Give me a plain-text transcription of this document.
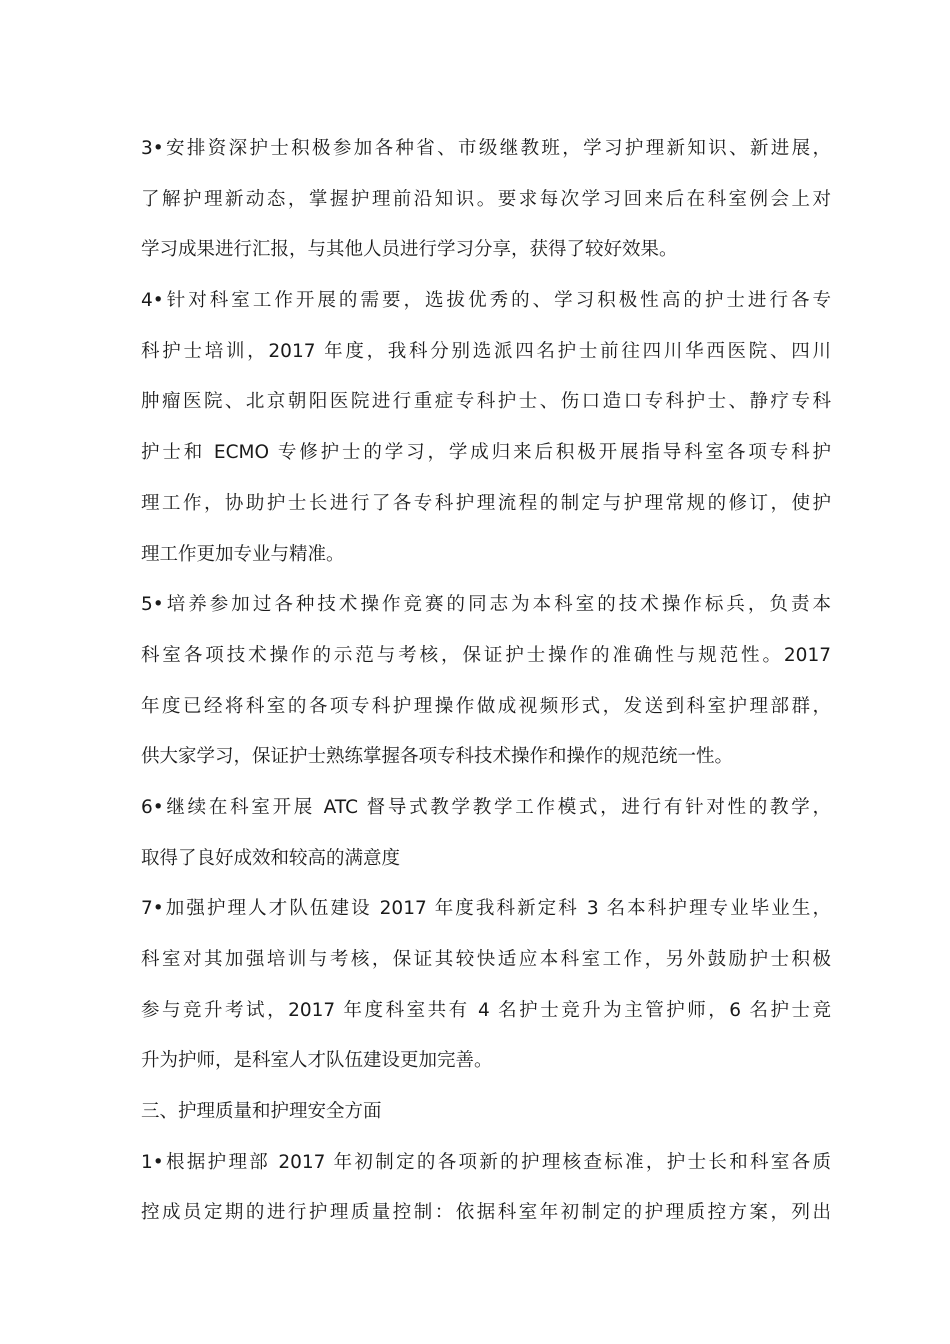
3•安排资深护士积极参加各种省、市级继教班，学习护理新知识、新进展，
了解护理新动态，掌握护理前沿知识。要求每次学习回来后在科室例会上对
学习成果进行汇报，与其他人员进行学习分享，获得了较好效果。
4•针对科室工作开展的需要，选拔优秀的、学习积极性高的护士进行各专
科护士培训，2017 年度，我科分别选派四名护士前往四川华西医院、四川
肿瘤医院、北京朝阳医院进行重症专科护士、伤口造口专科护士、静疗专科
护士和 ECMO 专修护士的学习，学成归来后积极开展指导科室各项专科护
理工作，协助护士长进行了各专科护理流程的制定与护理常规的修订，使护
理工作更加专业与精准。
5•培养参加过各种技术操作竞赛的同志为本科室的技术操作标兵，负责本
科室各项技术操作的示范与考核，保证护士操作的准确性与规范性。2017
年度已经将科室的各项专科护理操作做成视频形式，发送到科室护理部群，
供大家学习，保证护士熟练掌握各项专科技术操作和操作的规范统一性。
6•继续在科室开展 ATC 督导式教学教学工作模式，进行有针对性的教学，
取得了良好成效和较高的满意度
7•加强护理人才队伍建设 2017 年度我科新定科 3 名本科护理专业毕业生，
科室对其加强培训与考核，保证其较快适应本科室工作，另外鼓励护士积极
参与竞升考试，2017 年度科室共有 4 名护士竞升为主管护师，6 名护士竞
升为护师，是科室人才队伍建设更加完善。
三、护理质量和护理安全方面
1•根据护理部 2017 年初制定的各项新的护理核查标准，护士长和科室各质
控成员定期的进行护理质量控制：依据科室年初制定的护理质控方案，列出
